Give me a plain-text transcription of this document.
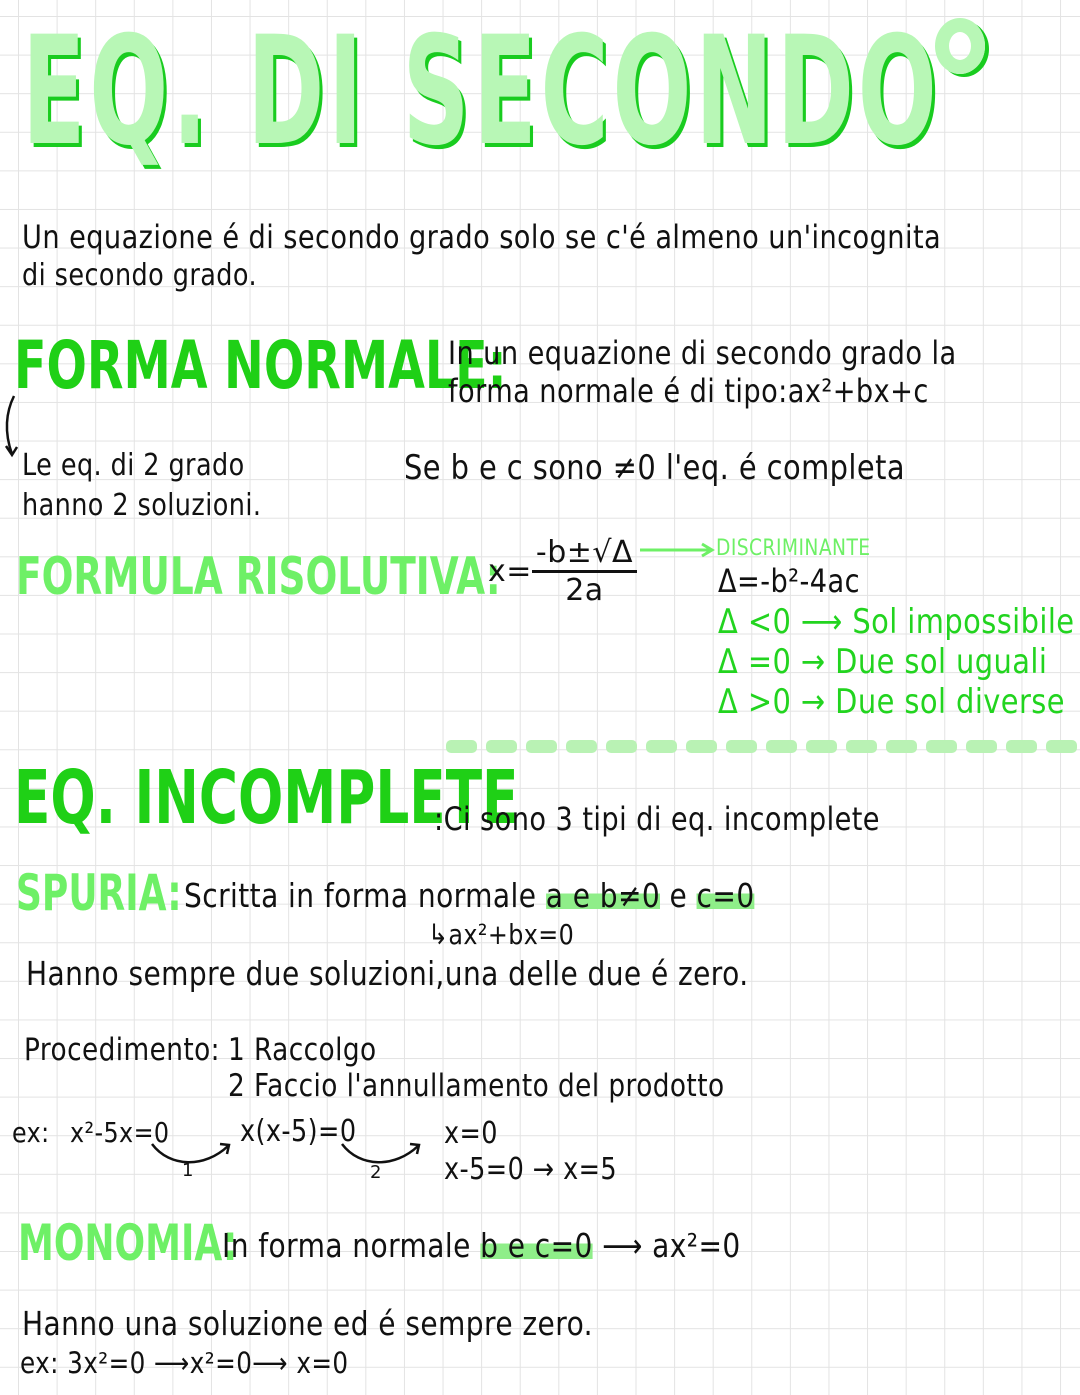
EQ. DI SECONDO
Un equazione é di secondo grado solo se c'é almeno un'incognita
di secondo grado.
FORMA NORMALE:
In un equazione di secondo grado la
forma normale é di tipo:ax²+bx+c
Le eq. di 2 grado
hanno 2 soluzioni.
Se b e c sono ≠0 l'eq. é completa
FORMULA RISOLUTIVA:
$x= \frac{-b\pm√\Delta}{2a}$	DISCRIMINANTE
Δ=-b²-4ac
Δ <0 ⟶ Sol impossibile
Δ =0 → Due sol uguali
Δ >0 → Due sol diverse
EQ. INCOMPLETE
:Ci sono 3 tipi di eq. incomplete
SPURIA: Scritta in forma normale a e b≠0 e c=0
↳ax²+bx=0
Hanno sempre due soluzioni,una delle due é zero.
Procedimento: 1 Raccolgo
2 Faccio l'annullamento del prodotto
ex: x²-5x=0
1
x(x-5)=0
2
x=0
x-5=0 → x=5
MONOMIA:
In forma normale b e c=0 ⟶ ax²=0
Hanno una soluzione ed é sempre zero.
ex: 3x²=0 ⟶x²=0⟶ x=0
